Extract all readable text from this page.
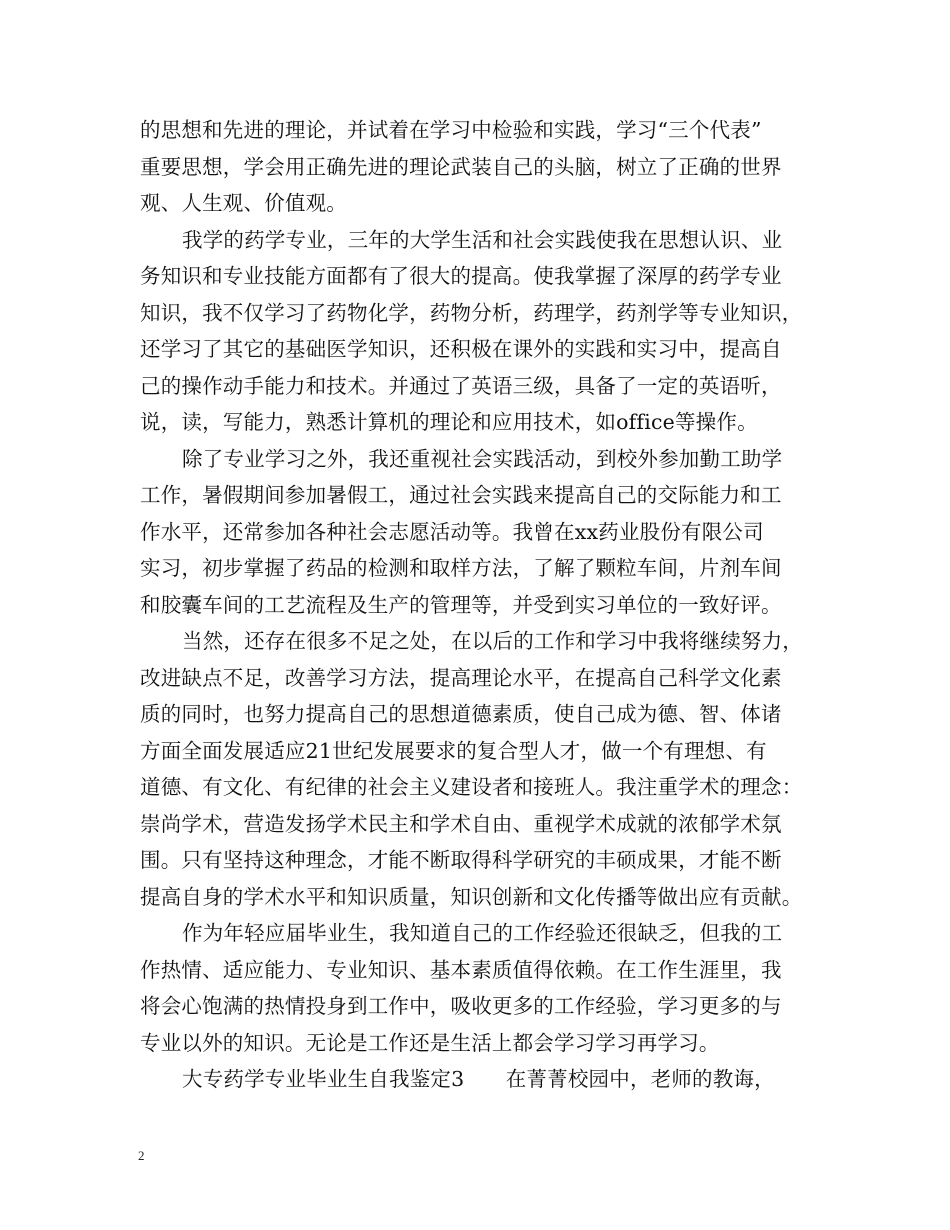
的思想和先进的理论，并试着在学习中检验和实践，学习“三个代表”
重要思想，学会用正确先进的理论武装自己的头脑，树立了正确的世界
观、人生观、价值观。
我学的药学专业，三年的大学生活和社会实践使我在思想认识、业
务知识和专业技能方面都有了很大的提高。使我掌握了深厚的药学专业
知识，我不仅学习了药物化学，药物分析，药理学，药剂学等专业知识，
还学习了其它的基础医学知识，还积极在课外的实践和实习中，提高自
己的操作动手能力和技术。并通过了英语三级，具备了一定的英语听，
说，读，写能力，熟悉计算机的理论和应用技术，如office等操作。
除了专业学习之外，我还重视社会实践活动，到校外参加勤工助学
工作，暑假期间参加暑假工，通过社会实践来提高自己的交际能力和工
作水平，还常参加各种社会志愿活动等。我曾在xx药业股份有限公司
实习，初步掌握了药品的检测和取样方法，了解了颗粒车间，片剂车间
和胶囊车间的工艺流程及生产的管理等，并受到实习单位的一致好评。
当然，还存在很多不足之处，在以后的工作和学习中我将继续努力，
改进缺点不足，改善学习方法，提高理论水平，在提高自己科学文化素
质的同时，也努力提高自己的思想道德素质，使自己成为德、智、体诸
方面全面发展适应21世纪发展要求的复合型人才，做一个有理想、有
道德、有文化、有纪律的社会主义建设者和接班人。我注重学术的理念：
崇尚学术，营造发扬学术民主和学术自由、重视学术成就的浓郁学术氛
围。只有坚持这种理念，才能不断取得科学研究的丰硕成果，才能不断
提高自身的学术水平和知识质量，知识创新和文化传播等做出应有贡献。
作为年轻应届毕业生，我知道自己的工作经验还很缺乏，但我的工
作热情、适应能力、专业知识、基本素质值得依赖。在工作生涯里，我
将会心饱满的热情投身到工作中，吸收更多的工作经验，学习更多的与
专业以外的知识。无论是工作还是生活上都会学习学习再学习。
大专药学专业毕业生自我鉴定3　　在菁菁校园中，老师的教诲，
2
